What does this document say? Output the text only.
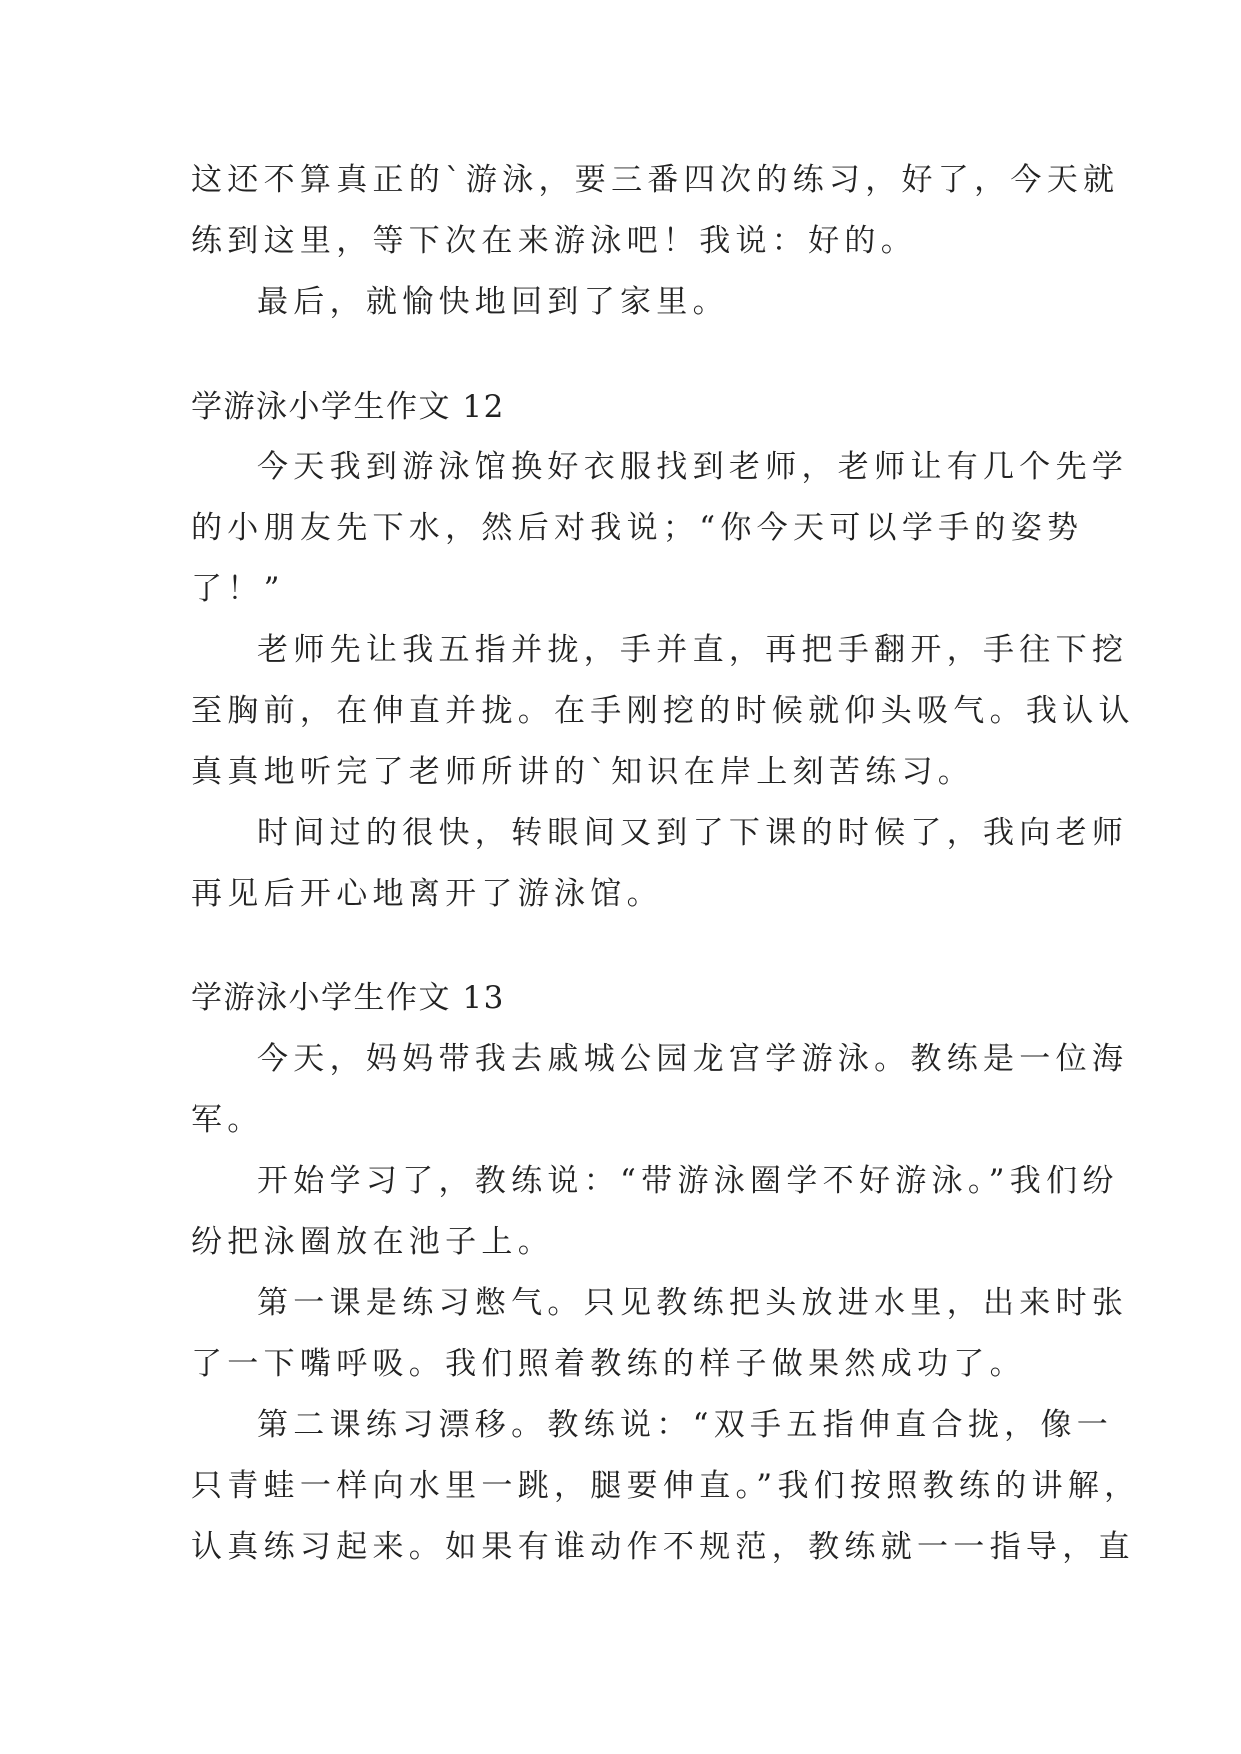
这还不算真正的`游泳，要三番四次的练习，好了，今天就
练到这里，等下次在来游泳吧！我说：好的。
最后，就愉快地回到了家里。
学游泳小学生作文 12
今天我到游泳馆换好衣服找到老师，老师让有几个先学
的小朋友先下水，然后对我说；“你今天可以学手的姿势
了！”
老师先让我五指并拢，手并直，再把手翻开，手往下挖
至胸前，在伸直并拢。在手刚挖的时候就仰头吸气。我认认
真真地听完了老师所讲的`知识在岸上刻苦练习。
时间过的很快，转眼间又到了下课的时候了，我向老师
再见后开心地离开了游泳馆。
学游泳小学生作文 13
今天，妈妈带我去戚城公园龙宫学游泳。教练是一位海
军。
开始学习了，教练说：“带游泳圈学不好游泳。”我们纷
纷把泳圈放在池子上。
第一课是练习憋气。只见教练把头放进水里，出来时张
了一下嘴呼吸。我们照着教练的样子做果然成功了。
第二课练习漂移。教练说：“双手五指伸直合拢，像一
只青蛙一样向水里一跳，腿要伸直。”我们按照教练的讲解，
认真练习起来。如果有谁动作不规范，教练就一一指导，直
